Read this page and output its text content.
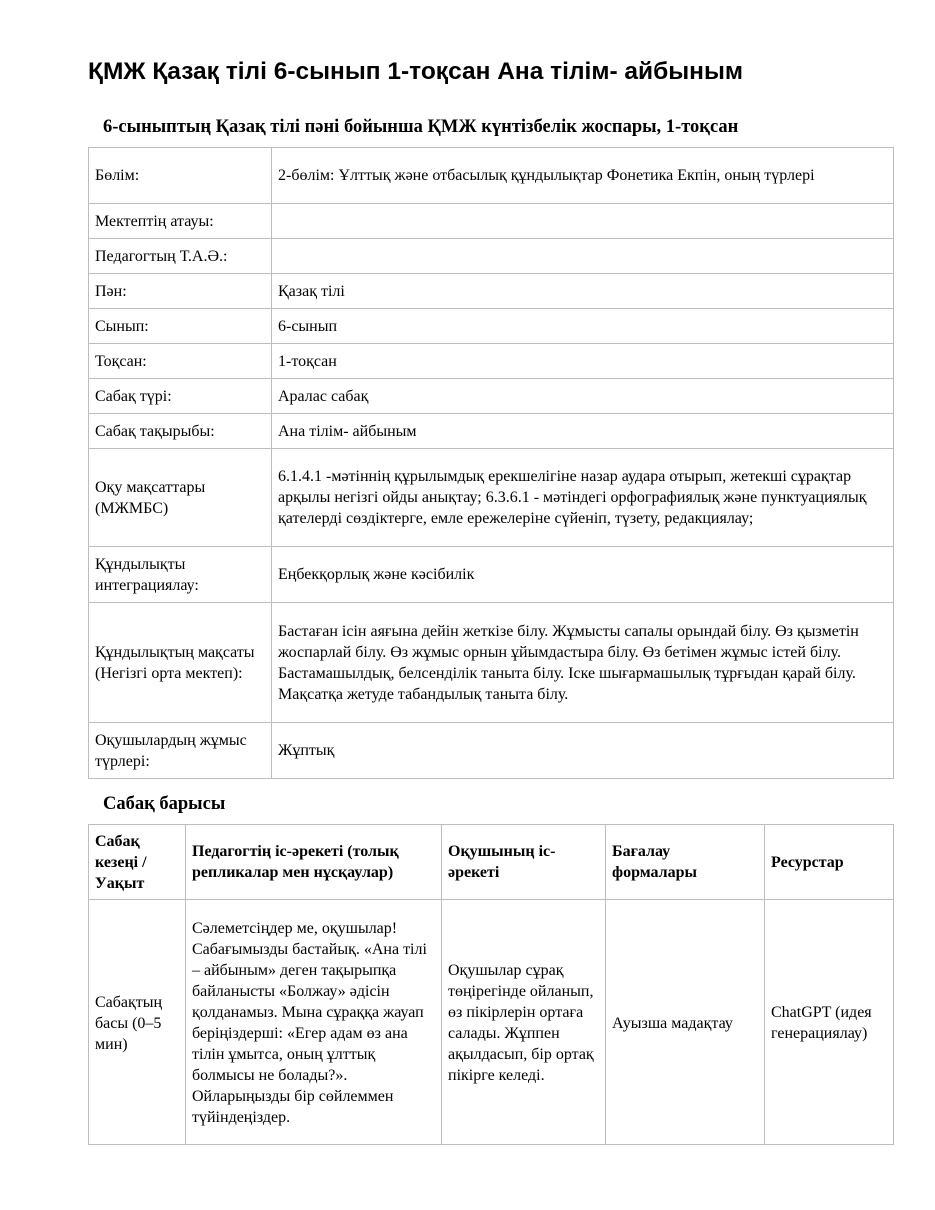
ҚМЖ Қазақ тілі 6-сынып 1-тоқсан Ана тілім- айбыным
6-сыныптың Қазақ тілі пәні бойынша ҚМЖ күнтізбелік жоспары, 1-тоқсан
Бөлім:	2-бөлім: Ұлттық және отбасылық құндылықтар Фонетика Екпін, оның түрлері
Мектептің атауы:	
Педагогтың Т.А.Ә.:	
Пән:	Қазақ тілі
Сынып:	6-сынып
Тоқсан:	1-тоқсан
Сабақ түрі:	Аралас сабақ
Сабақ тақырыбы:	Ана тілім- айбыным
Оқу мақсаттары (МЖМБС)	6.1.4.1 -мәтіннің құрылымдық ерекшелігіне назар аудара отырып, жетекші сұрақтар арқылы негізгі ойды анықтау; 6.3.6.1 - мәтіндегі орфографиялық және пунктуациялық қателерді сөздіктерге, емле ережелеріне сүйеніп, түзету, редакциялау;
Құндылықты интеграциялау:	Еңбекқорлық және кәсібилік
Құндылықтың мақсаты (Негізгі орта мектеп):	Бастаған ісін аяғына дейін жеткізе білу. Жұмысты сапалы орындай білу. Өз қызметін жоспарлай білу. Өз жұмыс орнын ұйымдастыра білу. Өз бетімен жұмыс істей білу. Бастамашылдық, белсенділік таныта білу. Іске шығармашылық тұрғыдан қарай білу. Мақсатқа жетуде табандылық таныта білу.
Оқушылардың жұмыс түрлері:	Жұптық
Сабақ барысы
Сабақ кезеңі / Уақыт	Педагогтің іс-әрекеті (толық репликалар мен нұсқаулар)	Оқушының іс-әрекеті	Бағалау формалары	Ресурстар
Сабақтың басы (0–5 мин)	Сәлеметсіңдер ме, оқушылар! Сабағымызды бастайық. «Ана тілі – айбыным» деген тақырыпқа байланысты «Болжау» әдісін қолданамыз. Мына сұраққа жауап беріңіздерші: «Егер адам өз ана тілін ұмытса, оның ұлттық болмысы не болады?». Ойларыңызды бір сөйлеммен түйіндеңіздер.	Оқушылар сұрақ төңірегінде ойланып, өз пікірлерін ортаға салады. Жұппен ақылдасып, бір ортақ пікірге келеді.	Ауызша мадақтау	ChatGPT (идея генерациялау)
